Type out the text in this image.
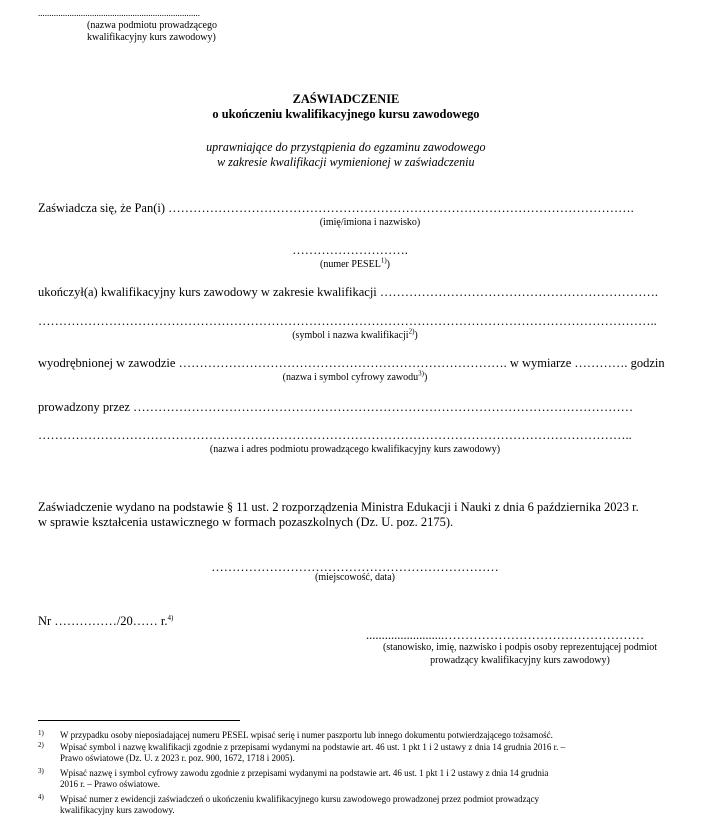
........................................................................
(nazwa podmiotu prowadzącego
kwalifikacyjny kurs zawodowy)
ZAŚWIADCZENIE
o ukończeniu kwalifikacyjnego kursu zawodowego
uprawniające do przystąpienia do egzaminu zawodowego
w zakresie kwalifikacji wymienionej w zaświadczeniu
Zaświadcza się, że Pan(i) ………………………………………………………………………………………………….
(imię/imiona i nazwisko)
……………………….
(numer PESEL$^{1)}$)
ukończył(a) kwalifikacyjny kurs zawodowy w zakresie kwalifikacji ………………………………………………………….
…………………………………………………………………………………………………………………………………..
(symbol i nazwa kwalifikacji$^{2)}$)
wyodrębnionej w zawodzie ……………………………………………………………………. w wymiarze …………. godzin
(nazwa i symbol cyfrowy zawodu$^{3)}$)
prowadzony przez …………………………………………………………………………………………………………
……………………………………………………………………………………………………………………………..
(nazwa i adres podmiotu prowadzącego kwalifikacyjny kurs zawodowy)
Zaświadczenie wydano na podstawie § 11 ust. 2 rozporządzenia Ministra Edukacji i Nauki z dnia 6 października 2023 r.
w sprawie kształcenia ustawicznego w formach pozaszkolnych (Dz. U. poz. 2175).
……………………………………………………………
(miejscowość, data)
Nr ……………/20…… r.$^{4)}$
.........................…………………………………………
(stanowisko, imię, nazwisko i podpis osoby reprezentującej podmiot
prowadzący kwalifikacyjny kurs zawodowy)
1) W przypadku osoby nieposiadającej numeru PESEL wpisać serię i numer paszportu lub innego dokumentu potwierdzającego tożsamość.
2) Wpisać symbol i nazwę kwalifikacji zgodnie z przepisami wydanymi na podstawie art. 46 ust. 1 pkt 1 i 2 ustawy z dnia 14 grudnia 2016 r. –
Prawo oświatowe (Dz. U. z 2023 r. poz. 900, 1672, 1718 i 2005).
3) Wpisać nazwę i symbol cyfrowy zawodu zgodnie z przepisami wydanymi na podstawie art. 46 ust. 1 pkt 1 i 2 ustawy z dnia 14 grudnia
2016 r. – Prawo oświatowe.
4) Wpisać numer z ewidencji zaświadczeń o ukończeniu kwalifikacyjnego kursu zawodowego prowadzonej przez podmiot prowadzący
kwalifikacyjny kurs zawodowy.
